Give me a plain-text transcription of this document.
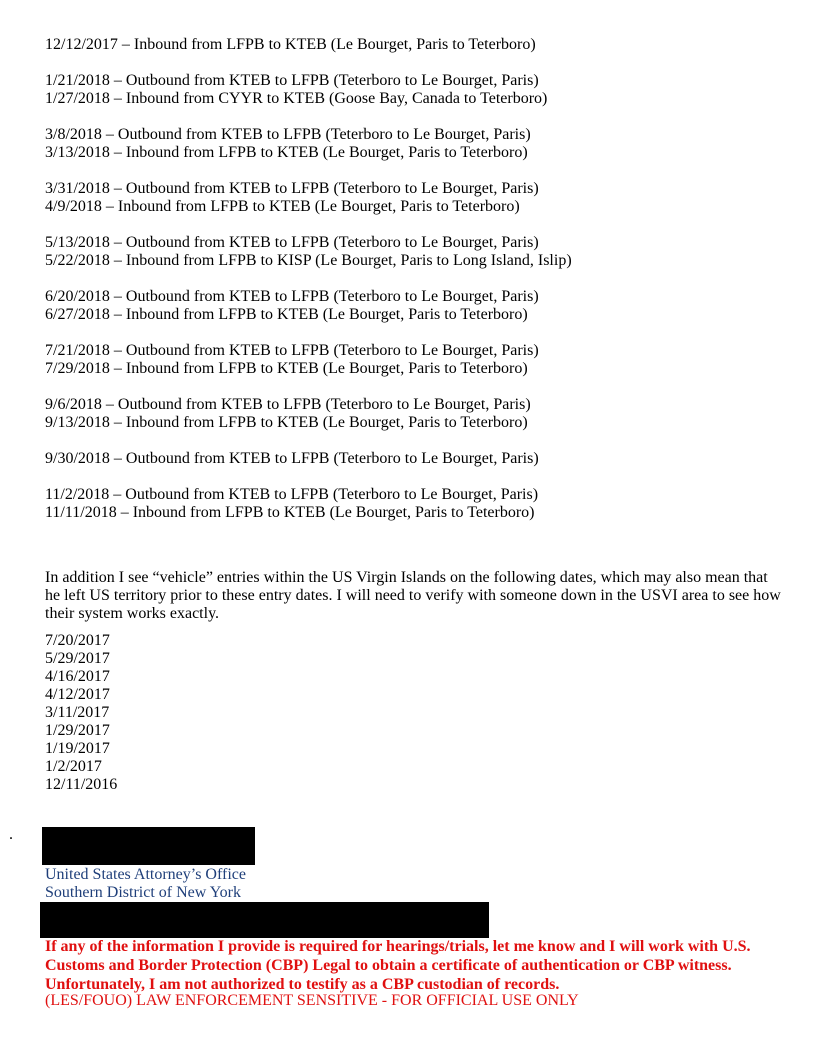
12/12/2017 – Inbound from LFPB to KTEB (Le Bourget, Paris to Teterboro)
1/21/2018 – Outbound from KTEB to LFPB (Teterboro to Le Bourget, Paris)
1/27/2018 – Inbound from CYYR to KTEB (Goose Bay, Canada to Teterboro)
3/8/2018 – Outbound from KTEB to LFPB (Teterboro to Le Bourget, Paris)
3/13/2018 – Inbound from LFPB to KTEB (Le Bourget, Paris to Teterboro)
3/31/2018 – Outbound from KTEB to LFPB (Teterboro to Le Bourget, Paris)
4/9/2018 – Inbound from LFPB to KTEB (Le Bourget, Paris to Teterboro)
5/13/2018 – Outbound from KTEB to LFPB (Teterboro to Le Bourget, Paris)
5/22/2018 – Inbound from LFPB to KISP (Le Bourget, Paris to Long Island, Islip)
6/20/2018 – Outbound from KTEB to LFPB (Teterboro to Le Bourget, Paris)
6/27/2018 – Inbound from LFPB to KTEB (Le Bourget, Paris to Teterboro)
7/21/2018 – Outbound from KTEB to LFPB (Teterboro to Le Bourget, Paris)
7/29/2018 – Inbound from LFPB to KTEB (Le Bourget, Paris to Teterboro)
9/6/2018 – Outbound from KTEB to LFPB (Teterboro to Le Bourget, Paris)
9/13/2018 – Inbound from LFPB to KTEB (Le Bourget, Paris to Teterboro)
9/30/2018 – Outbound from KTEB to LFPB (Teterboro to Le Bourget, Paris)
11/2/2018 – Outbound from KTEB to LFPB (Teterboro to Le Bourget, Paris)
11/11/2018 – Inbound from LFPB to KTEB (Le Bourget, Paris to Teterboro)
In addition I see “vehicle” entries within the US Virgin Islands on the following dates, which may also mean that he left US territory prior to these entry dates. I will need to verify with someone down in the USVI area to see how their system works exactly.
7/20/2017
5/29/2017
4/16/2017
4/12/2017
3/11/2017
1/29/2017
1/19/2017
1/2/2017
12/11/2016
.
United States Attorney’s Office
Southern District of New York
If any of the information I provide is required for hearings/trials, let me know and I will work with U.S. Customs and Border Protection (CBP) Legal to obtain a certificate of authentication or CBP witness. Unfortunately, I am not authorized to testify as a CBP custodian of records.
(LES/FOUO) LAW ENFORCEMENT SENSITIVE - FOR OFFICIAL USE ONLY
